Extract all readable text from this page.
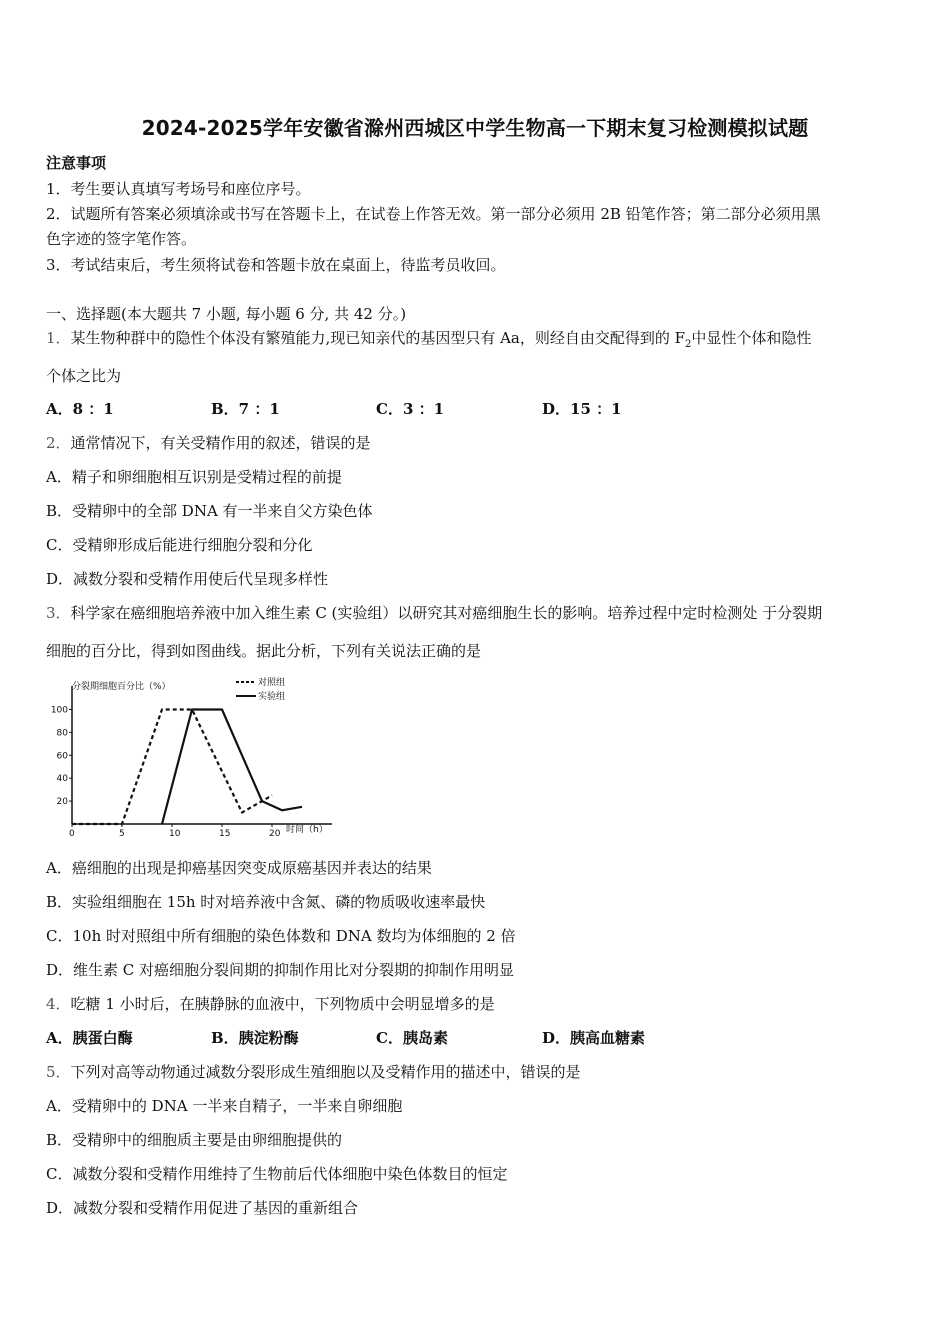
2024-2025学年安徽省滁州西城区中学生物高一下期末复习检测模拟试题
注意事项
1．考生要认真填写考场号和座位序号。
2．试题所有答案必须填涂或书写在答题卡上，在试卷上作答无效。第一部分必须用 2B 铅笔作答；第二部分必须用黑
色字迹的签字笔作答。
3．考试结束后，考生须将试卷和答题卡放在桌面上，待监考员收回。
一、选择题(本大题共 7 小题, 每小题 6 分, 共 42 分。)
1．某生物种群中的隐性个体没有繁殖能力,现已知亲代的基因型只有 Aa，则经自由交配得到的 $F_2$中显性个体和隐性
个体之比为
A．8 ：1	B．7 ：1	C．3 ：1	D．15 ：1
2．通常情况下，有关受精作用的叙述，错误的是
A．精子和卵细胞相互识别是受精过程的前提
B．受精卵中的全部 DNA 有一半来自父方染色体
C．受精卵形成后能进行细胞分裂和分化
D．减数分裂和受精作用使后代呈现多样性
3．科学家在癌细胞培养液中加入维生素 C (实验组）以研究其对癌细胞生长的影响。培养过程中定时检测处 于分裂期
细胞的百分比，得到如图曲线。据此分析，下列有关说法正确的是
分裂期细胞百分比（%）	对照组
实验组
0	5	10	15	20
20
40
60
80
100
时间（h）
A．癌细胞的出现是抑癌基因突变成原癌基因并表达的结果
B．实验组细胞在 15h 时对培养液中含氮、磷的物质吸收速率最快
C．10h 时对照组中所有细胞的染色体数和 DNA 数均为体细胞的 2 倍
D．维生素 C 对癌细胞分裂间期的抑制作用比对分裂期的抑制作用明显
4．吃糖 1 小时后，在胰静脉的血液中，下列物质中会明显增多的是
A．胰蛋白酶	B．胰淀粉酶	C．胰岛素	D．胰高血糖素
5．下列对高等动物通过减数分裂形成生殖细胞以及受精作用的描述中，错误的是
A．受精卵中的 DNA 一半来自精子，一半来自卵细胞
B．受精卵中的细胞质主要是由卵细胞提供的
C．减数分裂和受精作用维持了生物前后代体细胞中染色体数目的恒定
D．减数分裂和受精作用促进了基因的重新组合
